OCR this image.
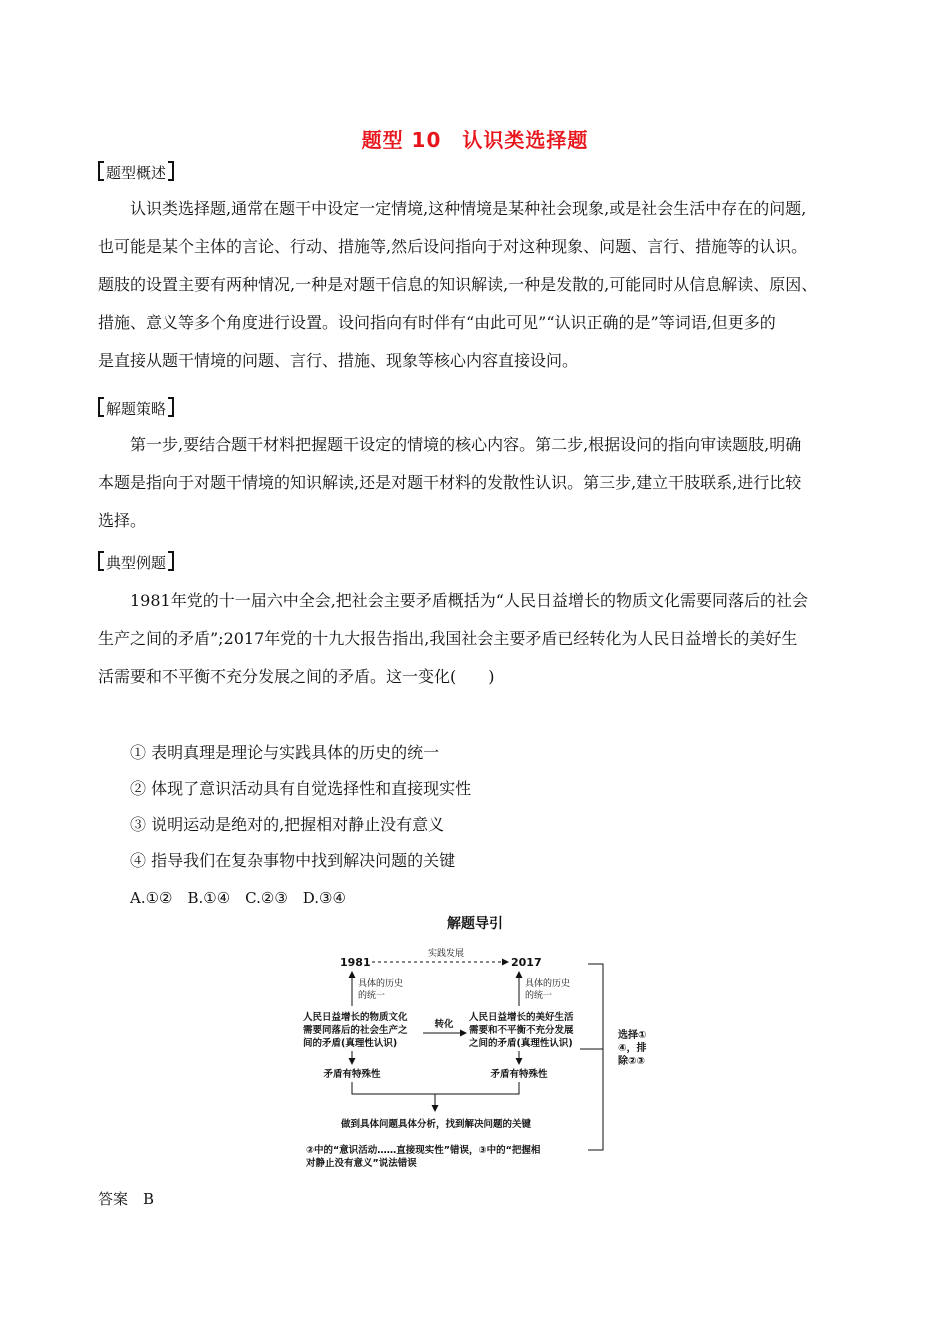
题型 10　认识类选择题
题型概述
认识类选择题,通常在题干中设定一定情境,这种情境是某种社会现象,或是社会生活中存在的问题,
也可能是某个主体的言论、行动、措施等,然后设问指向于对这种现象、问题、言行、措施等的认识。
题肢的设置主要有两种情况,一种是对题干信息的知识解读,一种是发散的,可能同时从信息解读、原因、
措施、意义等多个角度进行设置。设问指向有时伴有“由此可见”“认识正确的是”等词语,但更多的
是直接从题干情境的问题、言行、措施、现象等核心内容直接设问。
解题策略
第一步,要结合题干材料把握题干设定的情境的核心内容。第二步,根据设问的指向审读题肢,明确
本题是指向于对题干情境的知识解读,还是对题干材料的发散性认识。第三步,建立干肢联系,进行比较
选择。
典型例题
1981年党的十一届六中全会,把社会主要矛盾概括为“人民日益增长的物质文化需要同落后的社会
生产之间的矛盾”;2017年党的十九大报告指出,我国社会主要矛盾已经转化为人民日益增长的美好生
活需要和不平衡不充分发展之间的矛盾。这一变化(　　)
① 表明真理是理论与实践具体的历史的统一
② 体现了意识活动具有自觉选择性和直接现实性
③ 说明运动是绝对的,把握相对静止没有意义
④ 指导我们在复杂事物中找到解决问题的关键
A.①②　B.①④　C.②③　D.③④
解题导引
1981	2017
实践发展
具体的历史
的统一
具体的历史
的统一
人民日益增长的物质文化
需要同落后的社会生产之
间的矛盾(真理性认识)
转化
人民日益增长的美好生活
需要和不平衡不充分发展
之间的矛盾(真理性认识)
矛盾有特殊性	矛盾有特殊性
做到具体问题具体分析，找到解决问题的关键
②中的“意识活动……直接现实性”错误，③中的“把握相
对静止没有意义”说法错误
选择①
④，排
除②③
答案　B
